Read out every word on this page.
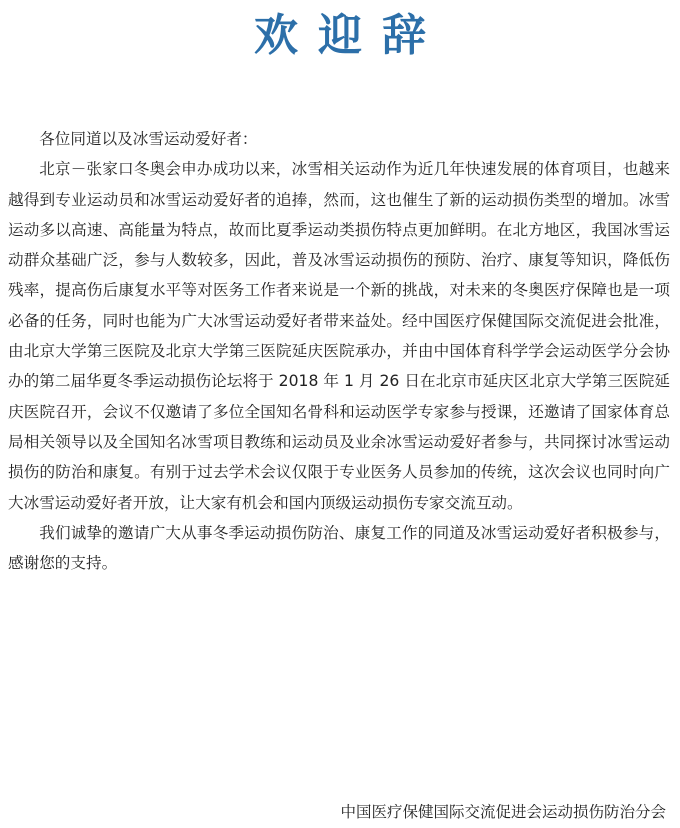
欢迎辞

各位同道以及冰雪运动爱好者：

北京－张家口冬奥会申办成功以来，冰雪相关运动作为近几年快速发展的体育项目，也越来越得到专业运动员和冰雪运动爱好者的追捧，然而，这也催生了新的运动损伤类型的增加。冰雪运动多以高速、高能量为特点，故而比夏季运动类损伤特点更加鲜明。在北方地区，我国冰雪运动群众基础广泛，参与人数较多，因此，普及冰雪运动损伤的预防、治疗、康复等知识，降低伤残率，提高伤后康复水平等对医务工作者来说是一个新的挑战，对未来的冬奥医疗保障也是一项必备的任务，同时也能为广大冰雪运动爱好者带来益处。经中国医疗保健国际交流促进会批准，由北京大学第三医院及北京大学第三医院延庆医院承办，并由中国体育科学学会运动医学分会协办的第二届华夏冬季运动损伤论坛将于 2018 年 1 月 26 日在北京市延庆区北京大学第三医院延庆医院召开，会议不仅邀请了多位全国知名骨科和运动医学专家参与授课，还邀请了国家体育总局相关领导以及全国知名冰雪项目教练和运动员及业余冰雪运动爱好者参与，共同探讨冰雪运动损伤的防治和康复。有别于过去学术会议仅限于专业医务人员参加的传统，这次会议也同时向广大冰雪运动爱好者开放，让大家有机会和国内顶级运动损伤专家交流互动。

我们诚挚的邀请广大从事冬季运动损伤防治、康复工作的同道及冰雪运动爱好者积极参与，感谢您的支持。

中国医疗保健国际交流促进会运动损伤防治分会
